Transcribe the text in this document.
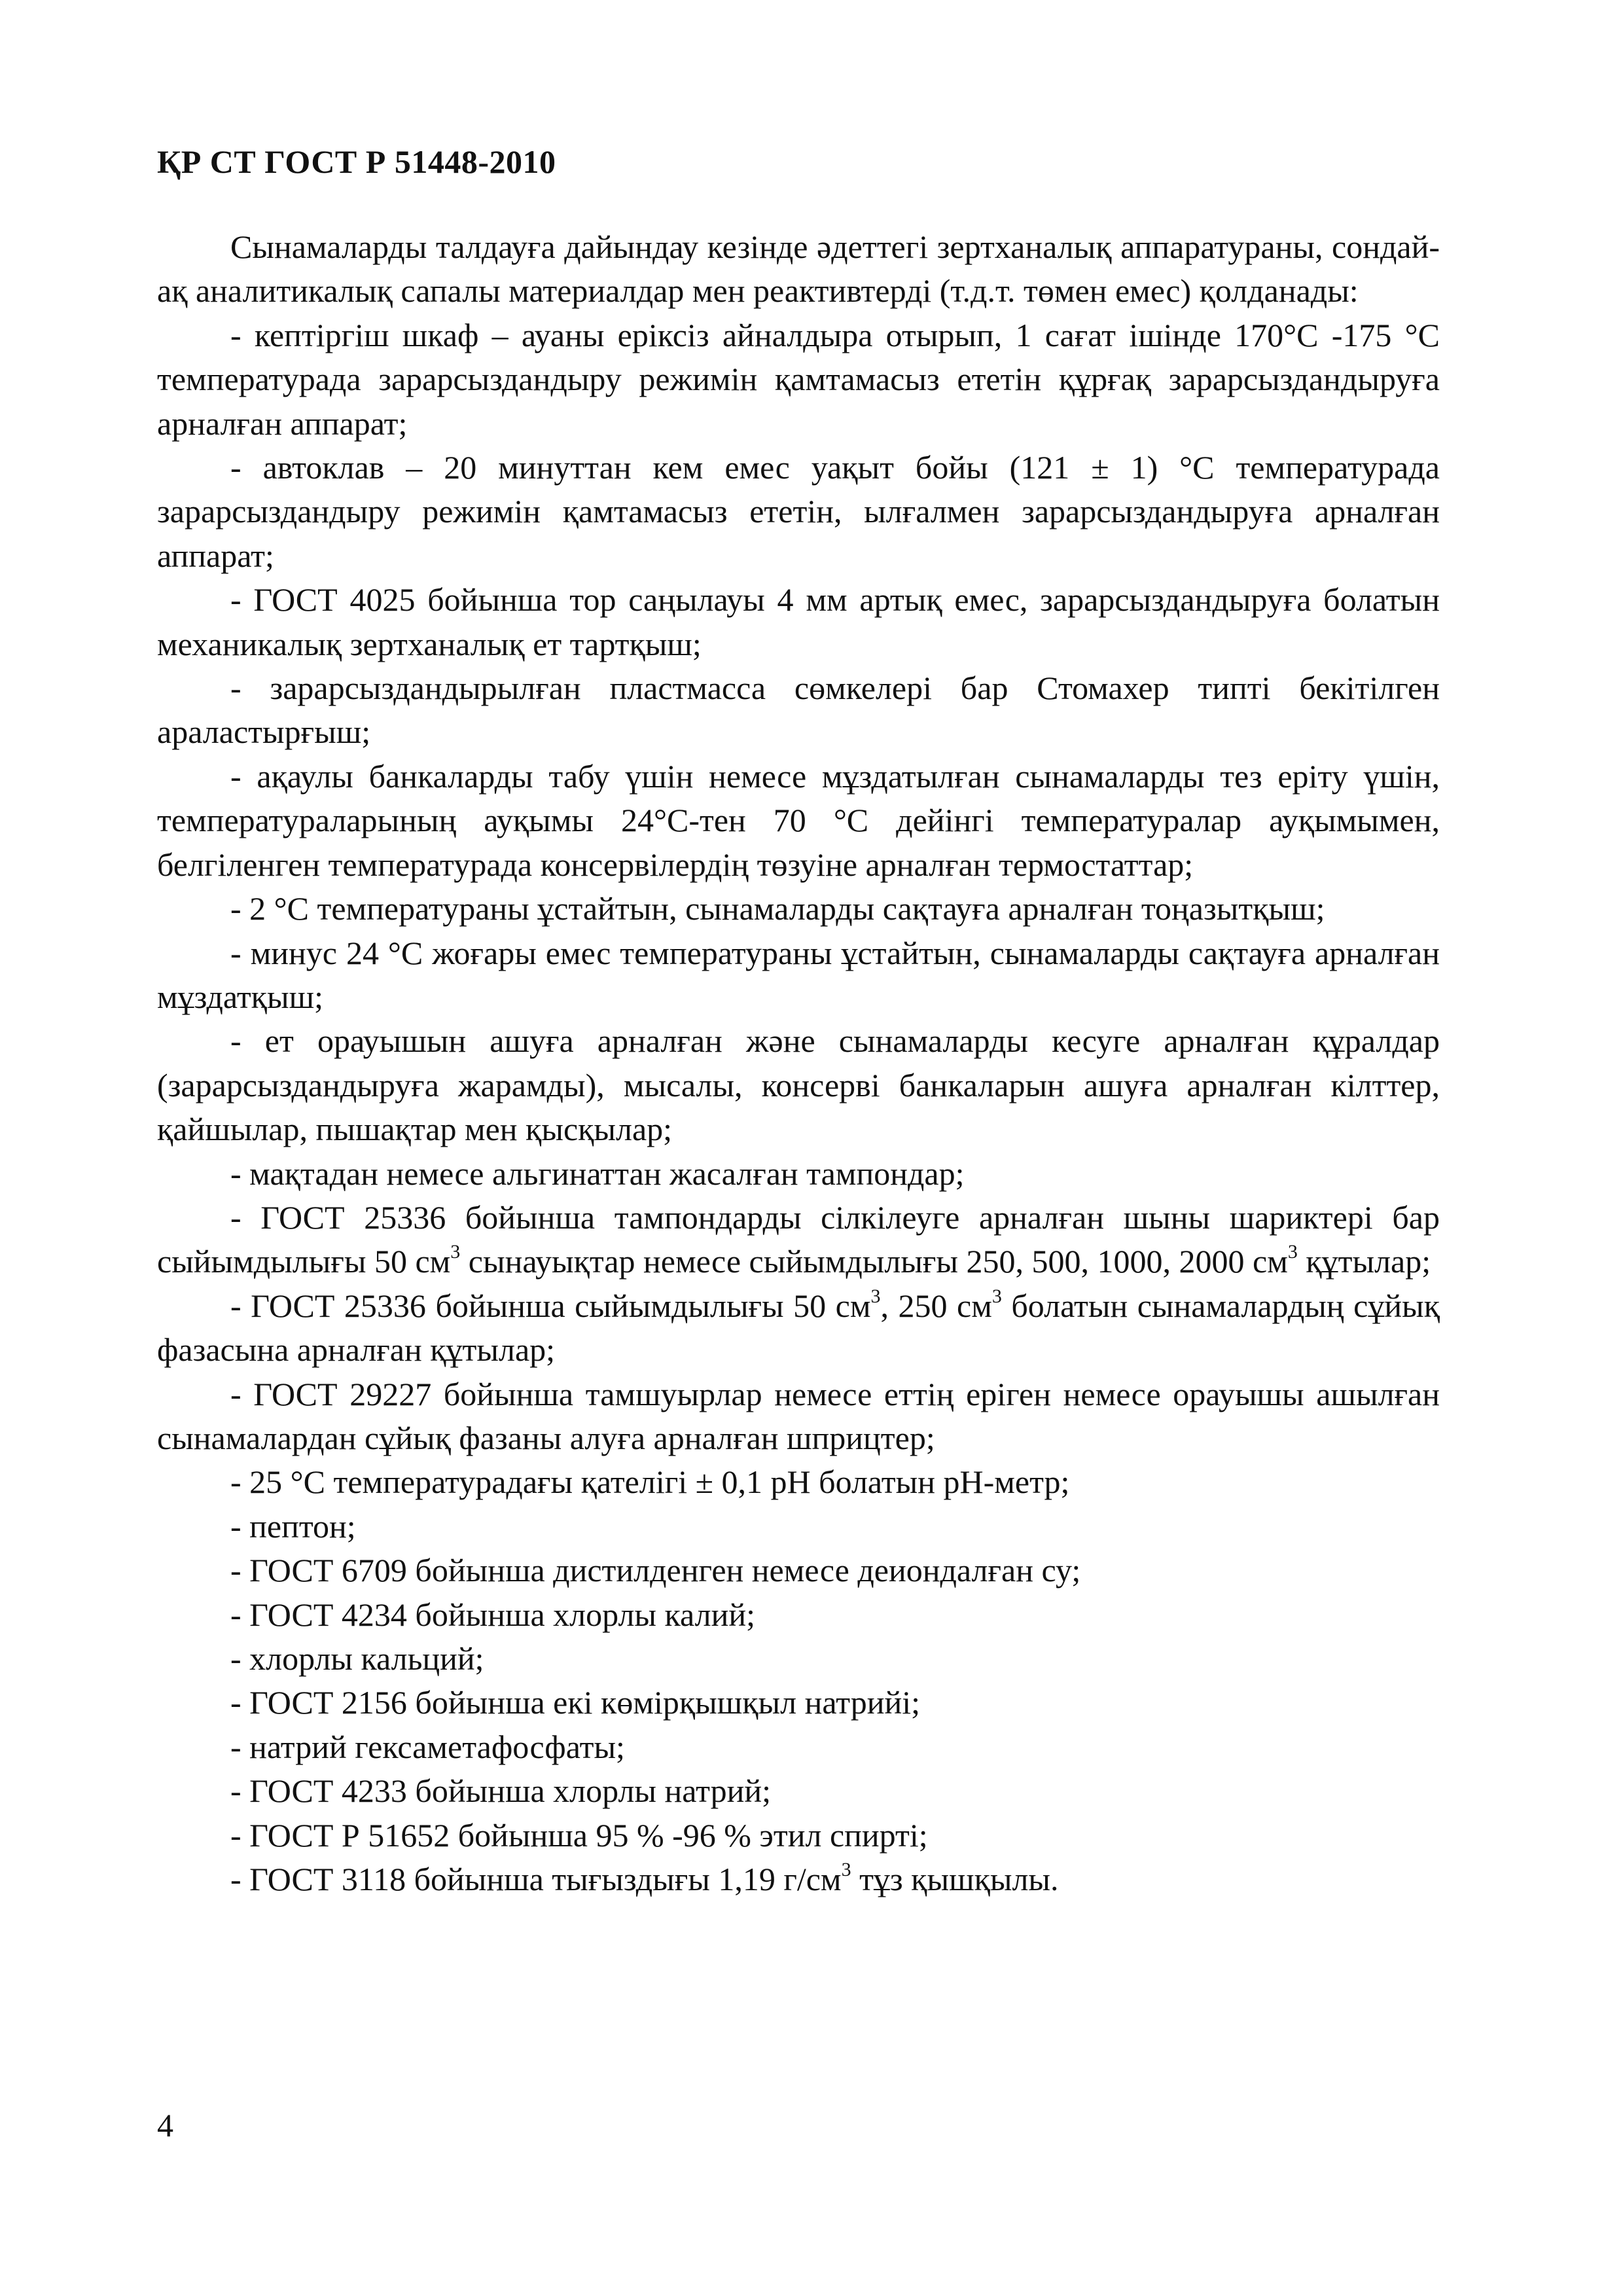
ҚР СТ ГОСТ Р 51448-2010

Сынамаларды талдауға дайындау кезінде әдеттегі зертханалық аппаратураны, сондай-ақ аналитикалық сапалы материалдар мен реактивтерді (т.д.т. төмен емес) қолданады:

- кептіргіш шкаф – ауаны еріксіз айналдыра отырып, 1 сағат ішінде 170°С -175 °С температурада зарарсыздандыру режимін қамтамасыз ететін құрғақ зарарсыздандыруға арналған аппарат;

- автоклав – 20 минуттан кем емес уақыт бойы (121 ± 1) °С температурада зарарсыздандыру режимін қамтамасыз ететін, ылғалмен зарарсыздандыруға арналған аппарат;

- ГОСТ 4025 бойынша тор саңылауы 4 мм артық емес, зарарсыздандыруға болатын механикалық зертханалық ет тартқыш;

- зарарсыздандырылған пластмасса сөмкелері бар Стомахер типті бекітілген араластырғыш;

- ақаулы банкаларды табу үшін немесе мұздатылған сынамаларды тез еріту үшін, температураларының ауқымы 24°С-тен 70 °С дейінгі температуралар ауқымымен, белгіленген температурада консервілердің төзуіне арналған термостаттар;

- 2 °С температураны ұстайтын, сынамаларды сақтауға арналған тоңазытқыш;

- минус 24 °С жоғары емес температураны ұстайтын, сынамаларды сақтауға арналған мұздатқыш;

- ет орауышын ашуға арналған және сынамаларды кесуге арналған құралдар (зарарсыздандыруға жарамды), мысалы, консерві банкаларын ашуға арналған кілттер, қайшылар, пышақтар мен қысқылар;

- мақтадан немесе альгинаттан жасалған тампондар;

- ГОСТ 25336 бойынша тампондарды сілкілеуге арналған шыны шариктері бар сыйымдылығы 50 $см^3$ сынауықтар немесе сыйымдылығы 250, 500, 1000, 2000 $см^3$ құтылар;

- ГОСТ 25336 бойынша сыйымдылығы 50 $см^3$, 250 $см^3$ болатын сынамалардың сұйық фазасына арналған құтылар;

- ГОСТ 29227 бойынша тамшуырлар немесе еттің еріген немесе орауышы ашылған сынамалардан сұйық фазаны алуға арналған шприцтер;

- 25 °С температурадағы қателігі ± 0,1 рН болатын рН-метр;

- пептон;

- ГОСТ 6709 бойынша дистилденген немесе деиондалған су;

- ГОСТ 4234 бойынша хлорлы калий;

- хлорлы кальций;

- ГОСТ 2156 бойынша екі көмірқышқыл натрийі;

- натрий гексаметафосфаты;

- ГОСТ 4233 бойынша хлорлы натрий;

- ГОСТ Р 51652 бойынша 95 % -96 % этил спирті;

- ГОСТ 3118 бойынша тығыздығы 1,19 $г/см^3$ тұз қышқылы.

4
